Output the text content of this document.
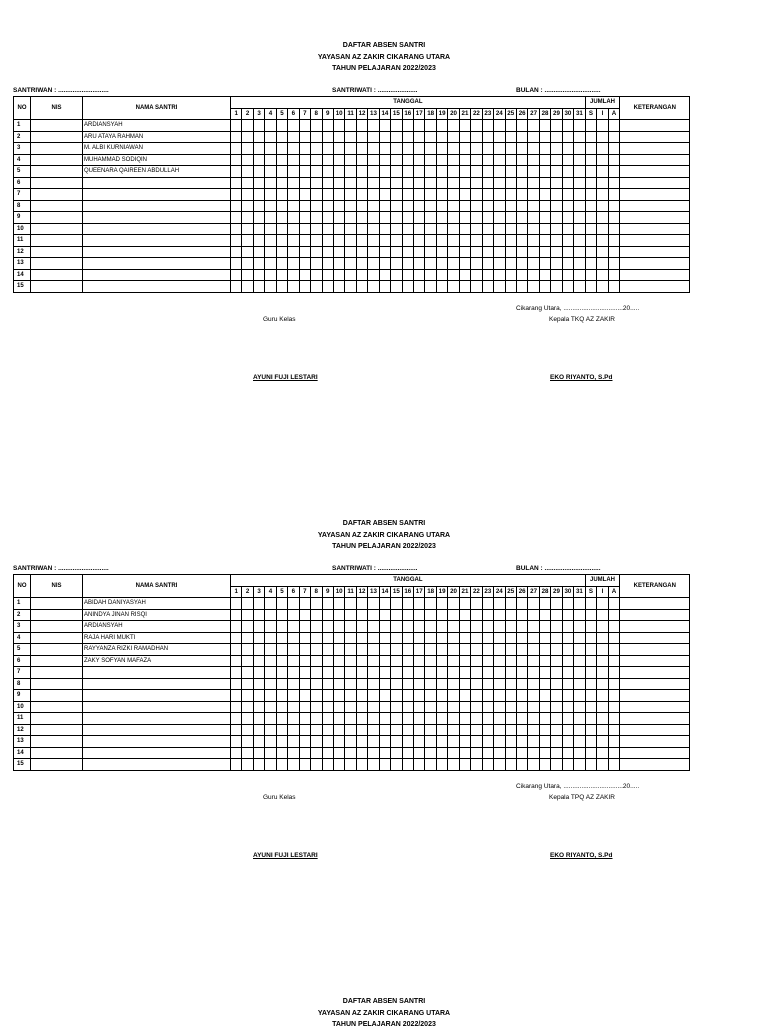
DAFTAR ABSEN SANTRI
YAYASAN AZ ZAKIR CIKARANG UTARA
TAHUN PELAJARAN 2022/2023
SANTRIWAN : ............................	SANTRIWATI : ......................	BULAN : ...............................
NO	NIS	NAMA SANTRI	TANGGAL																															JUMLAH			KETERANGAN
			1	2	3	4	5	6	7	8	9	10	11	12	13	14	15	16	17	18	19	20	21	22	23	24	25	26	27	28	29	30	31	S	I	A	
1		ARDIANSYAH																																			
2		ARU ATAYA RAHMAN																																			
3		M. ALBI KURNIAWAN																																			
4		MUHAMMAD SODIQIN																																			
5		QUEENARA QAIREEN ABDULLAH																																			
6																																					
7																																					
8																																					
9																																					
10																																					
11																																					
12																																					
13																																					
14																																					
15																																					
Cikarang Utara, .................................20.....
Guru Kelas	Kepala TKQ AZ ZAKIR
AYUNI FUJI LESTARI	EKO RIYANTO, S.Pd
DAFTAR ABSEN SANTRI
YAYASAN AZ ZAKIR CIKARANG UTARA
TAHUN PELAJARAN 2022/2023
SANTRIWAN : ............................	SANTRIWATI : ......................	BULAN : ...............................
NO	NIS	NAMA SANTRI	TANGGAL																															JUMLAH			KETERANGAN
			1	2	3	4	5	6	7	8	9	10	11	12	13	14	15	16	17	18	19	20	21	22	23	24	25	26	27	28	29	30	31	S	I	A	
1		ABIDAH DANIYASYAH																																			
2		ANINDYA JINAN RISQI																																			
3		ARDIANSYAH																																			
4		RAJA HARI MUKTI																																			
5		RAYYANZA RIZKI RAMADHAN																																			
6		ZAKY SOFYAN MAFAZA																																			
7																																					
8																																					
9																																					
10																																					
11																																					
12																																					
13																																					
14																																					
15																																					
Cikarang Utara, .................................20.....
Guru Kelas	Kepala TPQ AZ ZAKIR
AYUNI FUJI LESTARI	EKO RIYANTO, S.Pd
DAFTAR ABSEN SANTRI
YAYASAN AZ ZAKIR CIKARANG UTARA
TAHUN PELAJARAN 2022/2023
